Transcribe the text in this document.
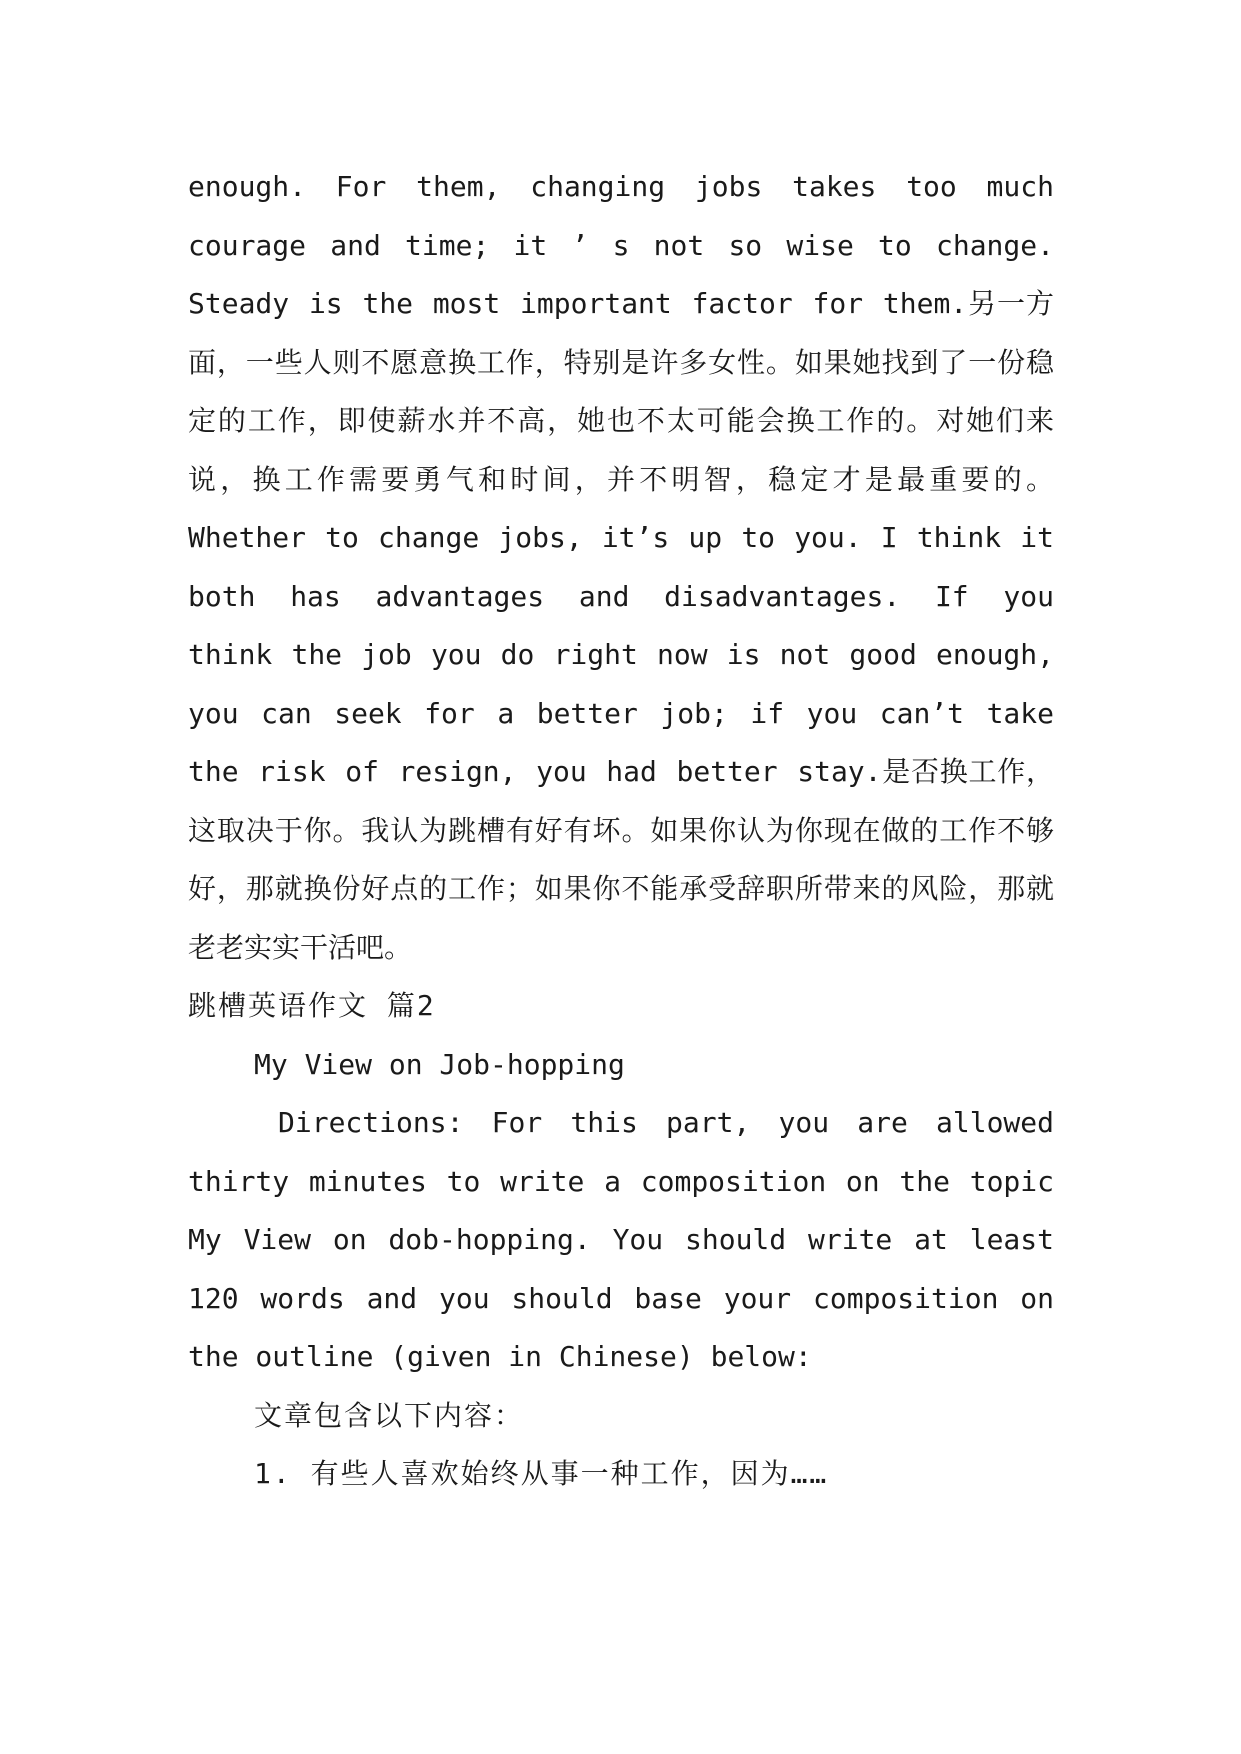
enough. For them, changing jobs takes too much courage and time; it ’ s not so wise to change. Steady is the most important factor for them.另一方面，一些人则不愿意换工作，特别是许多女性。如果她找到了一份稳定的工作，即使薪水并不高，她也不太可能会换工作的。对她们来说，换工作需要勇气和时间，并不明智，稳定才是最重要的。Whether to change jobs, it’s up to you. I think it both has advantages and disadvantages. If you think the job you do right now is not good enough, you can seek for a better job; if you can’t take the risk of resign, you had better stay.是否换工作，这取决于你。我认为跳槽有好有坏。如果你认为你现在做的工作不够好，那就换份好点的工作；如果你不能承受辞职所带来的风险，那就老老实实干活吧。

跳槽英语作文 篇2

My View on Job-hopping

Directions: For this part, you are allowed thirty minutes to write a composition on the topic My View on dob-hopping. You should write at least 120 words and you should base your composition on the outline (given in Chinese) below:

文章包含以下内容：

1. 有些人喜欢始终从事一种工作，因为……
